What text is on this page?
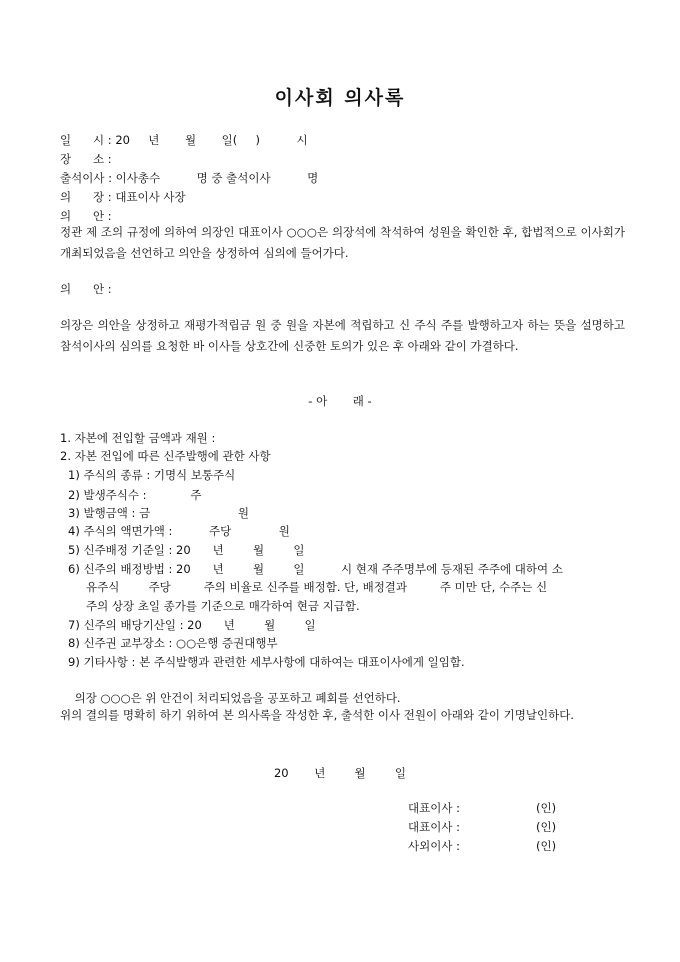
이사회 의사록
일      시 : 20     년       월       일(     )          시
장      소 :
출석이사 : 이사총수          명 중 출석이사          명
의      장 : 대표이사 사장
의      안 :
정관 제 조의 규정에 의하여 의장인 대표이사 ○○○은 의장석에 착석하여 성원을 확인한 후, 합법적으로 이사회가 개최되었음을 선언하고 의안을 상정하여 심의에 들어가다.
의      안 :
의장은 의안을 상정하고 재평가적립금 원 중 원을 자본에 적립하고 신 주식 주를 발행하고자 하는 뜻을 설명하고 참석이사의 심의를 요청한 바 이사들 상호간에 신중한 토의가 있은 후 아래와 같이 가결하다.
- 아       래 -
1. 자본에 전입할 금액과 재원 :
2. 자본 전입에 따른 신주발행에 관한 사항
1) 주식의 종류 : 기명식 보통주식
2) 발생주식수 :            주
3) 발행금액 : 금                        원
4) 주식의 액면가액 :          주당             원
5) 신주배정 기준일 : 20      년        월        일
6) 신주의 배정방법 : 20      년        월        일          시 현재 주주명부에 등재된 주주에 대하여 소
유주식        주당         주의 비율로 신주를 배정함. 단, 배정결과         주 미만 단, 수주는 신
주의 상장 초일 종가를 기준으로 매각하여 현금 지급함.
7) 신주의 배당기산일 : 20      년        월        일
8) 신주권 교부장소 : ○○은행 증권대행부
9) 기타사항 : 본 주식발행과 관련한 세부사항에 대하여는 대표이사에게 일임함.
의장 ○○○은 위 안건이 처리되었음을 공포하고 폐회를 선언하다.
위의 결의를 명확히 하기 위하여 본 의사록을 작성한 후, 출석한 이사 전원이 아래와 같이 기명날인하다.
20       년        월        일
대표이사 :	(인)
대표이사 :	(인)
사외이사 :	(인)
